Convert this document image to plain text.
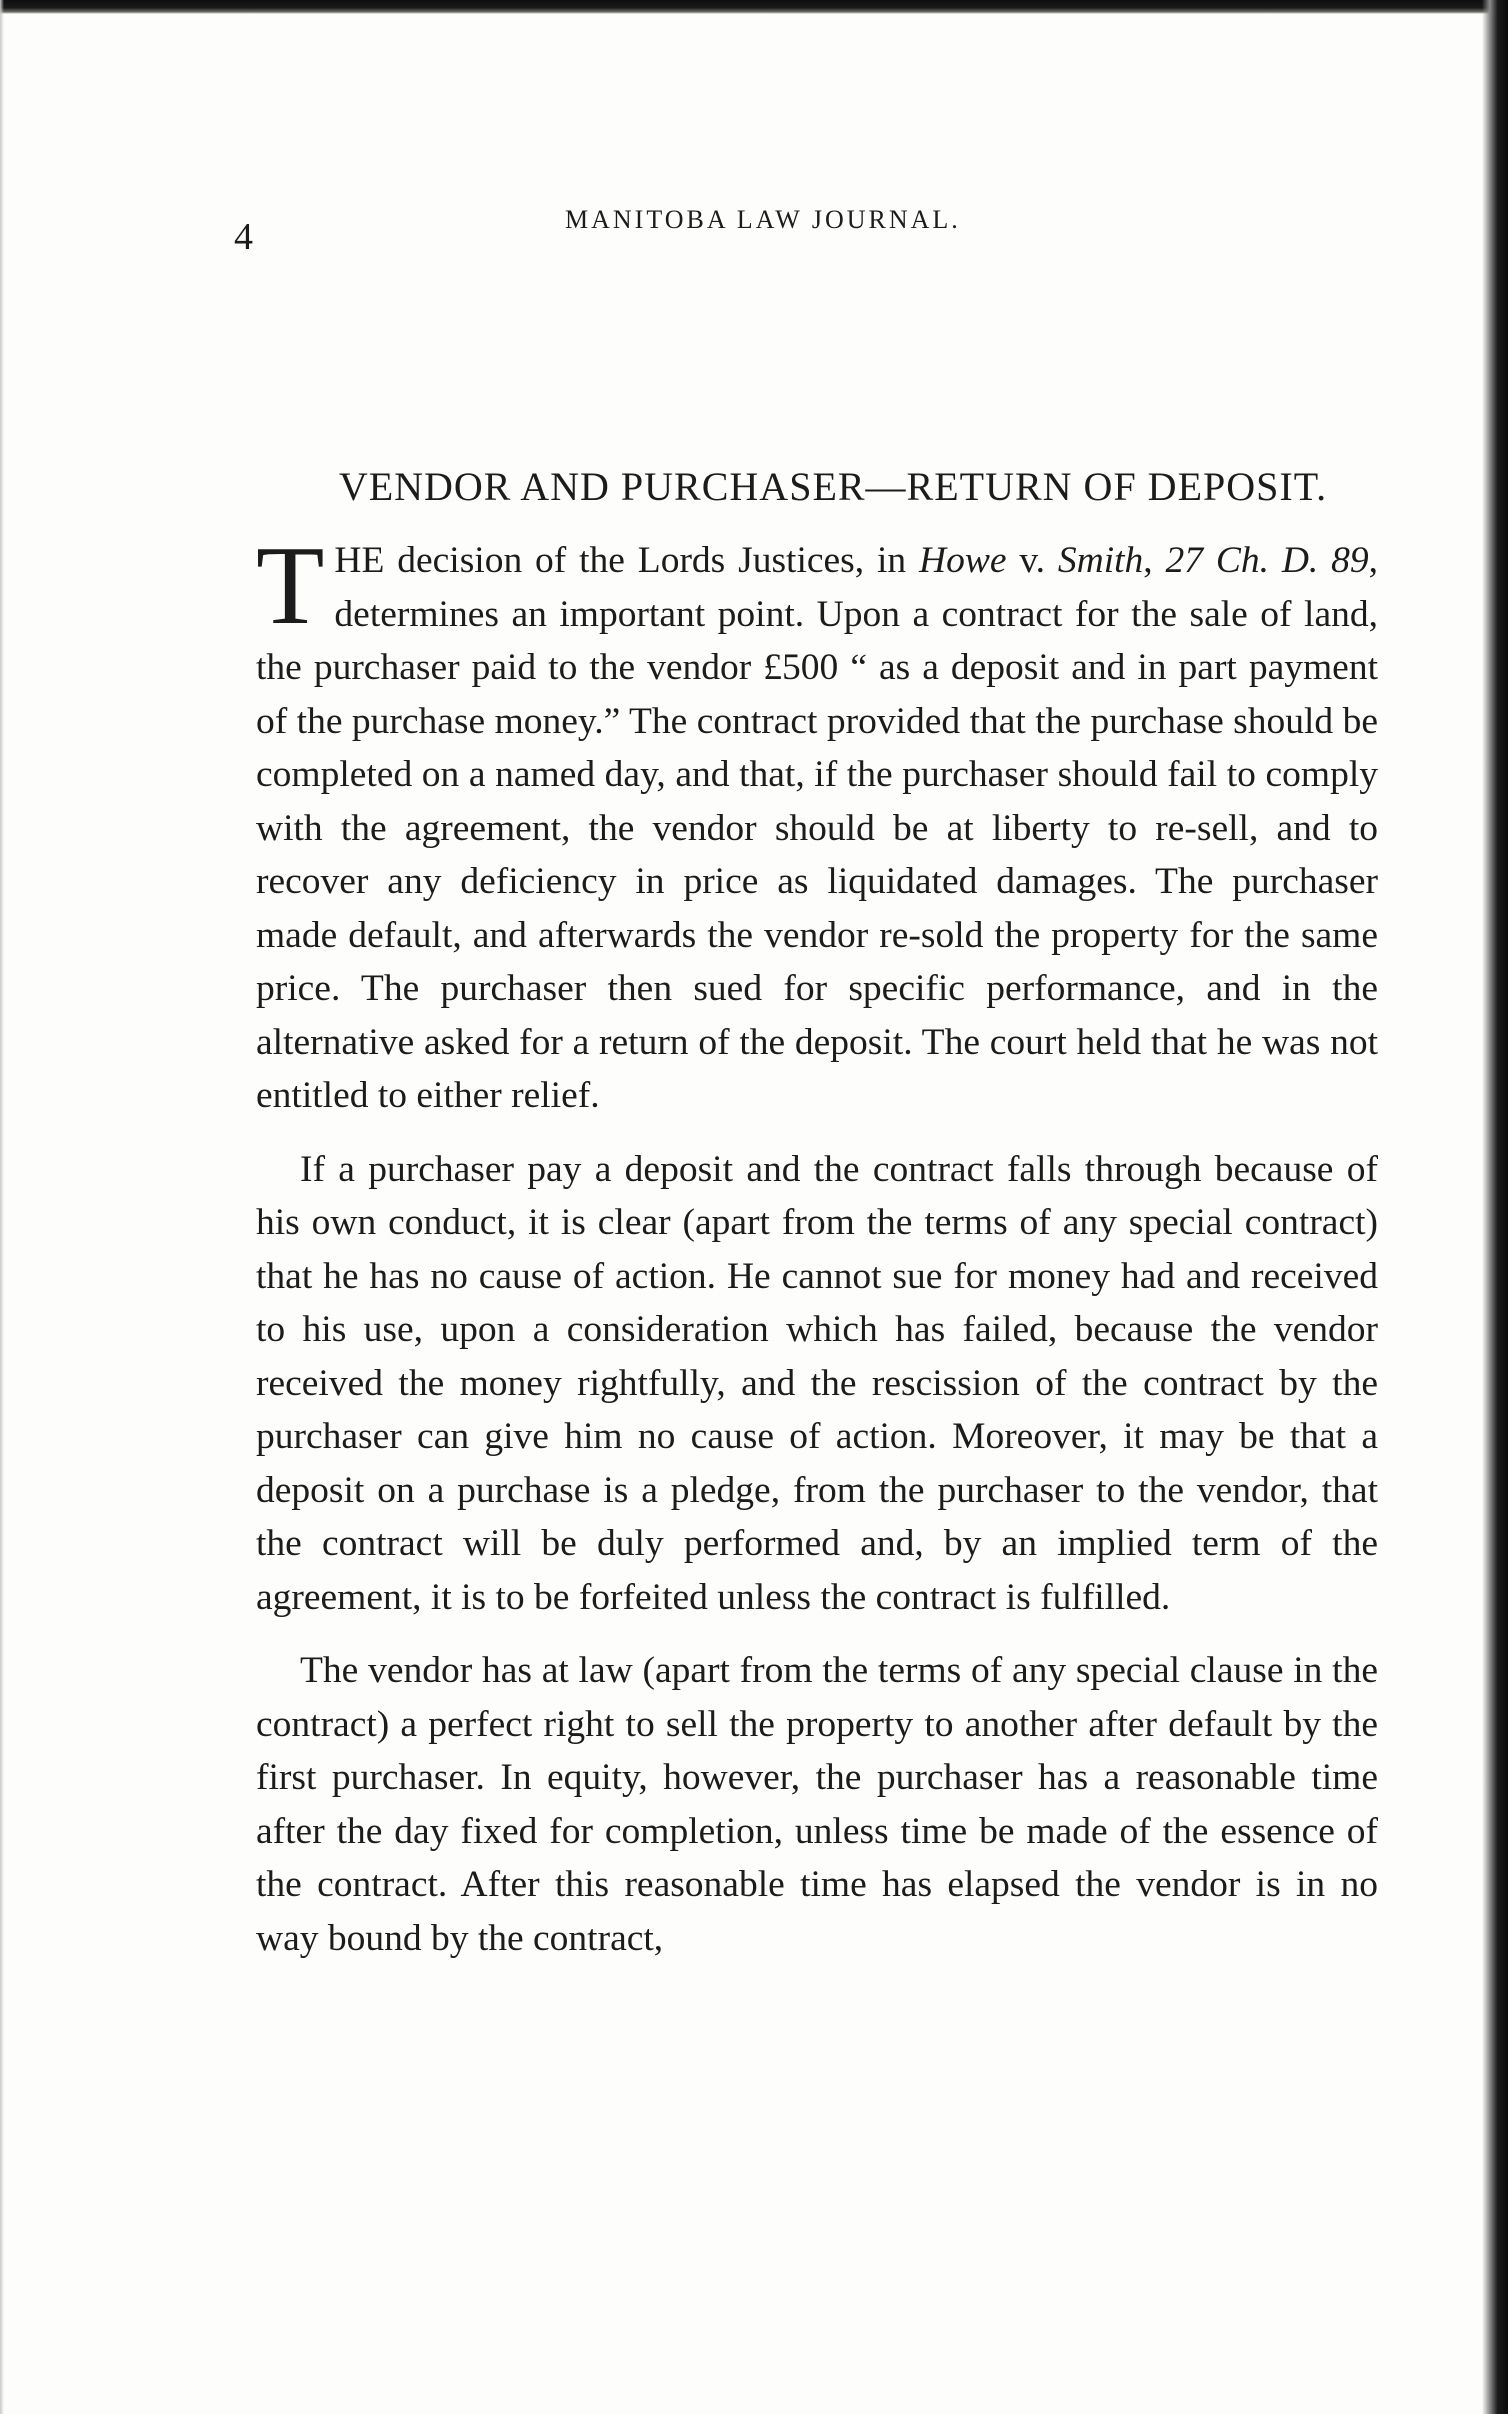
4	MANITOBA LAW JOURNAL.
VENDOR AND PURCHASER—RETURN OF DEPOSIT.
T HE decision of the Lords Justices, in Howe v. Smith, 27 Ch. D. 89, determines an important point. Upon a contract for the sale of land, the purchaser paid to the vendor £500 “ as a deposit and in part payment of the purchase money.” The contract provided that the purchase should be completed on a named day, and that, if the purchaser should fail to comply with the agreement, the vendor should be at liberty to re-sell, and to recover any deficiency in price as liquidated damages. The purchaser made default, and afterwards the vendor re-sold the property for the same price. The purchaser then sued for specific performance, and in the alternative asked for a return of the deposit. The court held that he was not entitled to either relief.

If a purchaser pay a deposit and the contract falls through because of his own conduct, it is clear (apart from the terms of any special contract) that he has no cause of action. He cannot sue for money had and received to his use, upon a consideration which has failed, because the vendor received the money rightfully, and the rescission of the contract by the purchaser can give him no cause of action. Moreover, it may be that a deposit on a purchase is a pledge, from the purchaser to the vendor, that the contract will be duly performed and, by an implied term of the agreement, it is to be forfeited unless the contract is fulfilled.

The vendor has at law (apart from the terms of any special clause in the contract) a perfect right to sell the property to another after default by the first purchaser. In equity, however, the purchaser has a reasonable time after the day fixed for completion, unless time be made of the essence of the contract. After this reasonable time has elapsed the vendor is in no way bound by the contract,
